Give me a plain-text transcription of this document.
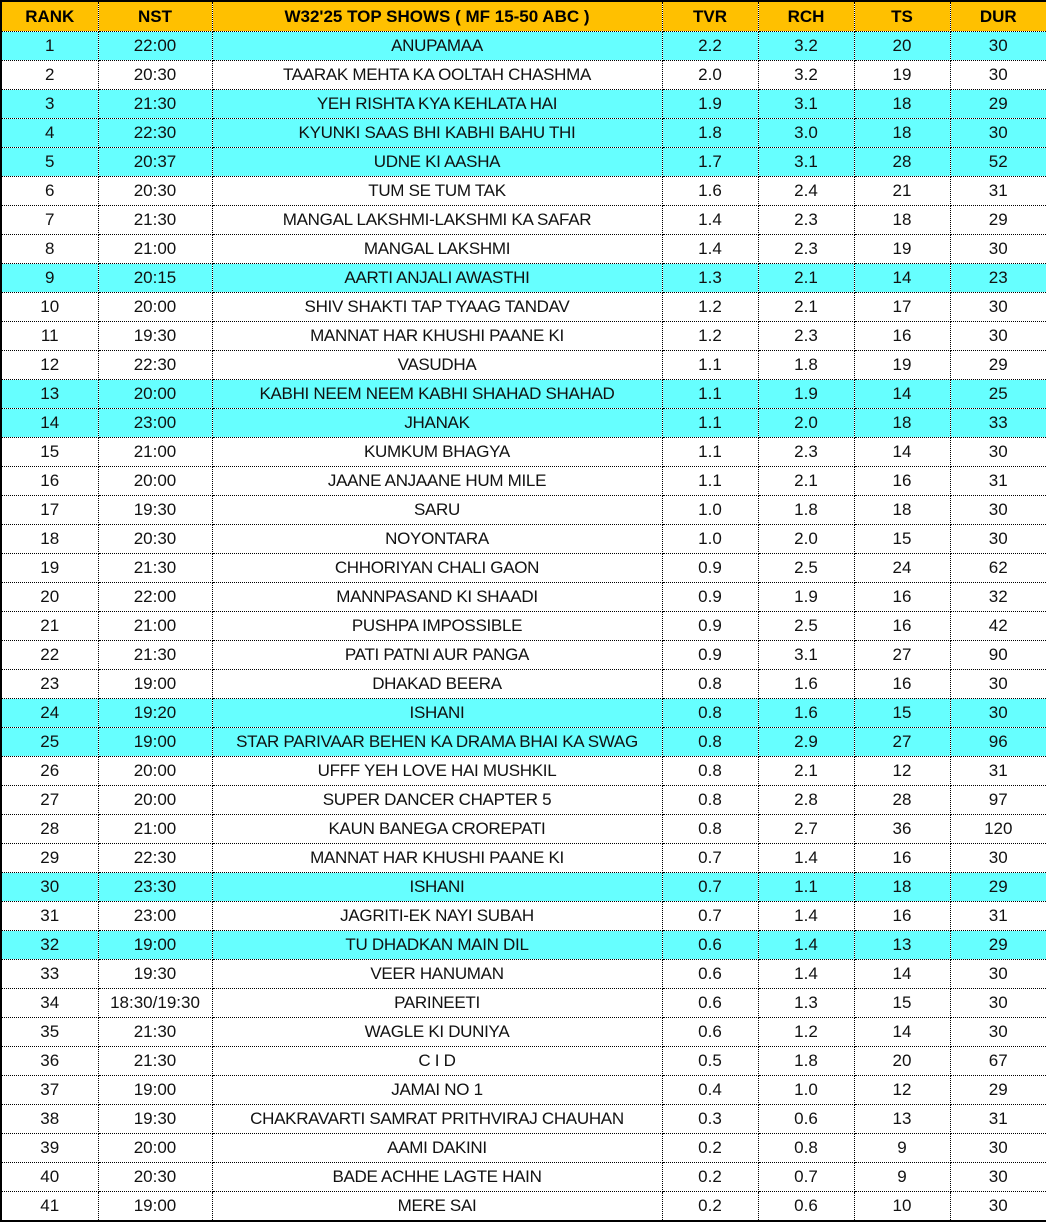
RANK	NST	W32'25 TOP SHOWS ( MF 15-50 ABC )	TVR	RCH	TS	DUR
1	22:00	ANUPAMAA	2.2	3.2	20	30
2	20:30	TAARAK MEHTA KA OOLTAH CHASHMA	2.0	3.2	19	30
3	21:30	YEH RISHTA KYA KEHLATA HAI	1.9	3.1	18	29
4	22:30	KYUNKI SAAS BHI KABHI BAHU THI	1.8	3.0	18	30
5	20:37	UDNE KI AASHA	1.7	3.1	28	52
6	20:30	TUM SE TUM TAK	1.6	2.4	21	31
7	21:30	MANGAL LAKSHMI-LAKSHMI KA SAFAR	1.4	2.3	18	29
8	21:00	MANGAL LAKSHMI	1.4	2.3	19	30
9	20:15	AARTI ANJALI AWASTHI	1.3	2.1	14	23
10	20:00	SHIV SHAKTI TAP TYAAG TANDAV	1.2	2.1	17	30
11	19:30	MANNAT HAR KHUSHI PAANE KI	1.2	2.3	16	30
12	22:30	VASUDHA	1.1	1.8	19	29
13	20:00	KABHI NEEM NEEM KABHI SHAHAD SHAHAD	1.1	1.9	14	25
14	23:00	JHANAK	1.1	2.0	18	33
15	21:00	KUMKUM BHAGYA	1.1	2.3	14	30
16	20:00	JAANE ANJAANE HUM MILE	1.1	2.1	16	31
17	19:30	SARU	1.0	1.8	18	30
18	20:30	NOYONTARA	1.0	2.0	15	30
19	21:30	CHHORIYAN CHALI GAON	0.9	2.5	24	62
20	22:00	MANNPASAND KI SHAADI	0.9	1.9	16	32
21	21:00	PUSHPA IMPOSSIBLE	0.9	2.5	16	42
22	21:30	PATI PATNI AUR PANGA	0.9	3.1	27	90
23	19:00	DHAKAD BEERA	0.8	1.6	16	30
24	19:20	ISHANI	0.8	1.6	15	30
25	19:00	STAR PARIVAAR BEHEN KA DRAMA BHAI KA SWAG	0.8	2.9	27	96
26	20:00	UFFF YEH LOVE HAI MUSHKIL	0.8	2.1	12	31
27	20:00	SUPER DANCER CHAPTER 5	0.8	2.8	28	97
28	21:00	KAUN BANEGA CROREPATI	0.8	2.7	36	120
29	22:30	MANNAT HAR KHUSHI PAANE KI	0.7	1.4	16	30
30	23:30	ISHANI	0.7	1.1	18	29
31	23:00	JAGRITI-EK NAYI SUBAH	0.7	1.4	16	31
32	19:00	TU DHADKAN MAIN DIL	0.6	1.4	13	29
33	19:30	VEER HANUMAN	0.6	1.4	14	30
34	18:30/19:30	PARINEETI	0.6	1.3	15	30
35	21:30	WAGLE KI DUNIYA	0.6	1.2	14	30
36	21:30	C I D	0.5	1.8	20	67
37	19:00	JAMAI NO 1	0.4	1.0	12	29
38	19:30	CHAKRAVARTI SAMRAT PRITHVIRAJ CHAUHAN	0.3	0.6	13	31
39	20:00	AAMI DAKINI	0.2	0.8	9	30
40	20:30	BADE ACHHE LAGTE HAIN	0.2	0.7	9	30
41	19:00	MERE SAI	0.2	0.6	10	30
